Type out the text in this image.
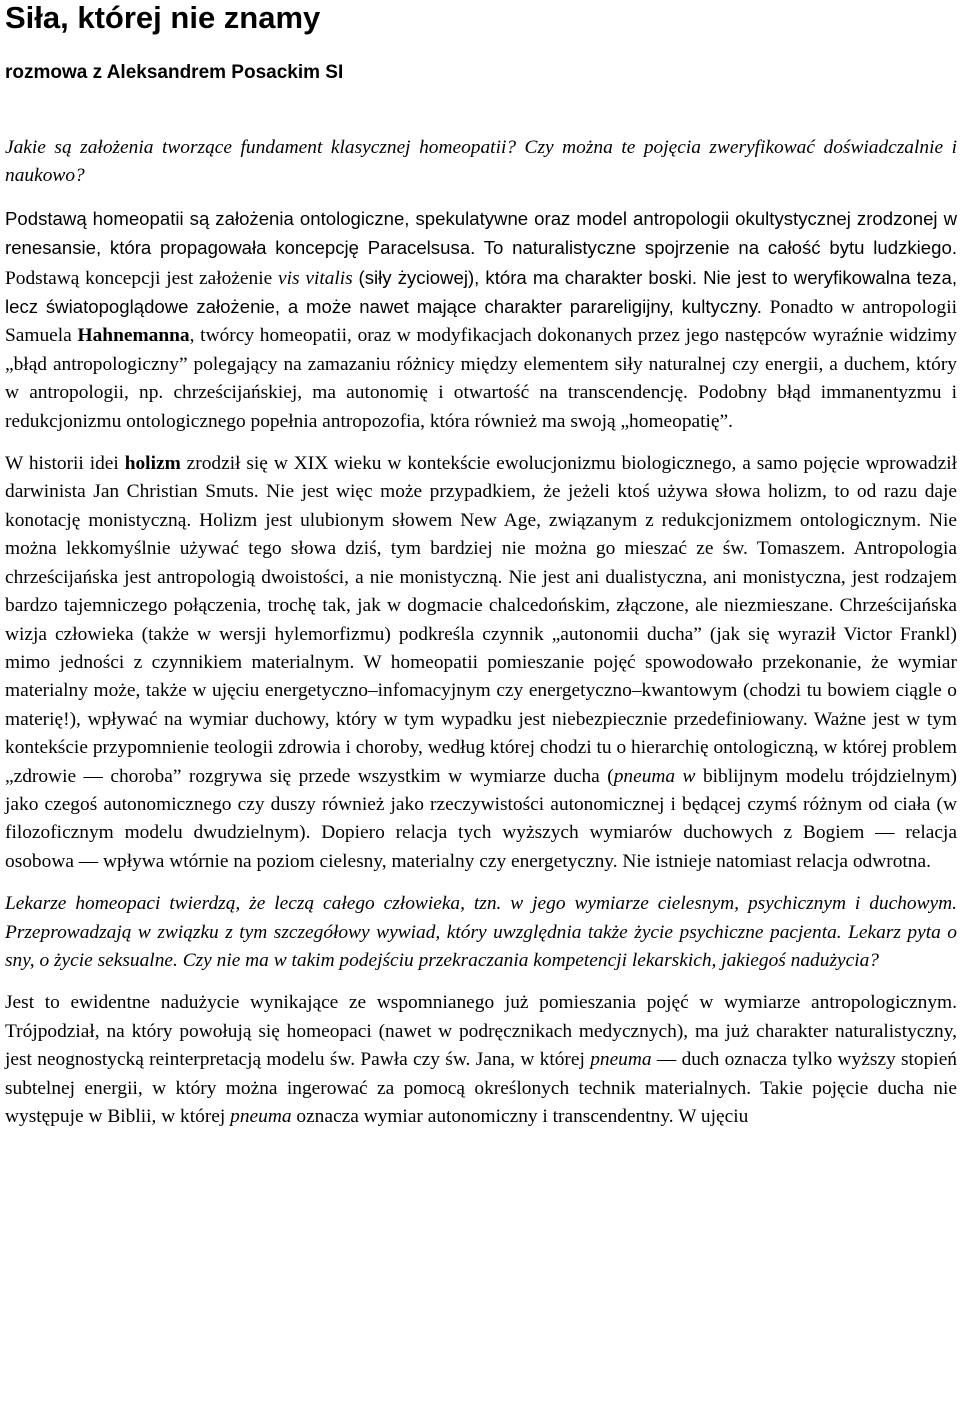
Siła, której nie znamy
rozmowa z Aleksandrem Posackim SI

Jakie są założenia tworzące fundament klasycznej homeopatii? Czy można te pojęcia zweryfikować doświadczalnie i naukowo?

Podstawą homeopatii są założenia ontologiczne, spekulatywne oraz model antropologii okultystycznej zrodzonej w renesansie, która propagowała koncepcję Paracelsusa. To naturalistyczne spojrzenie na całość bytu ludzkiego. Podstawą koncepcji jest założenie vis vitalis (siły życiowej), która ma charakter boski. Nie jest to weryfikowalna teza, lecz światopoglądowe założenie, a może nawet mające charakter parareligijny, kultyczny. Ponadto w antropologii Samuela Hahnemanna, twórcy homeopatii, oraz w modyfikacjach dokonanych przez jego następców wyraźnie widzimy „błąd antropologiczny” polegający na zamazaniu różnicy między elementem siły naturalnej czy energii, a duchem, który w antropologii, np. chrześcijańskiej, ma autonomię i otwartość na transcendencję. Podobny błąd immanentyzmu i redukcjonizmu ontologicznego popełnia antropozofia, która również ma swoją „homeopatię”.

W historii idei holizm zrodził się w XIX wieku w kontekście ewolucjonizmu biologicznego, a samo pojęcie wprowadził darwinista Jan Christian Smuts. Nie jest więc może przypadkiem, że jeżeli ktoś używa słowa holizm, to od razu daje konotację monistyczną. Holizm jest ulubionym słowem New Age, związanym z redukcjonizmem ontologicznym. Nie można lekkomyślnie używać tego słowa dziś, tym bardziej nie można go mieszać ze św. Tomaszem. Antropologia chrześcijańska jest antropologią dwoistości, a nie monistyczną. Nie jest ani dualistyczna, ani monistyczna, jest rodzajem bardzo tajemniczego połączenia, trochę tak, jak w dogmacie chalcedońskim, złączone, ale niezmieszane. Chrześcijańska wizja człowieka (także w wersji hylemorfizmu) podkreśla czynnik „autonomii ducha” (jak się wyraził Victor Frankl) mimo jedności z czynnikiem materialnym. W homeopatii pomieszanie pojęć spowodowało przekonanie, że wymiar materialny może, także w ujęciu energetyczno–infomacyjnym czy energetyczno–kwantowym (chodzi tu bowiem ciągle o materię!), wpływać na wymiar duchowy, który w tym wypadku jest niebezpiecznie przedefiniowany. Ważne jest w tym kontekście przypomnienie teologii zdrowia i choroby, według której chodzi tu o hierarchię ontologiczną, w której problem „zdrowie — choroba” rozgrywa się przede wszystkim w wymiarze ducha (pneuma w biblijnym modelu trójdzielnym) jako czegoś autonomicznego czy duszy również jako rzeczywistości autonomicznej i będącej czymś różnym od ciała (w filozoficznym modelu dwudzielnym). Dopiero relacja tych wyższych wymiarów duchowych z Bogiem — relacja osobowa — wpływa wtórnie na poziom cielesny, materialny czy energetyczny. Nie istnieje natomiast relacja odwrotna.

Lekarze homeopaci twierdzą, że leczą całego człowieka, tzn. w jego wymiarze cielesnym, psychicznym i duchowym. Przeprowadzają w związku z tym szczegółowy wywiad, który uwzględnia także życie psychiczne pacjenta. Lekarz pyta o sny, o życie seksualne. Czy nie ma w takim podejściu przekraczania kompetencji lekarskich, jakiegoś nadużycia?

Jest to ewidentne nadużycie wynikające ze wspomnianego już pomieszania pojęć w wymiarze antropologicznym. Trójpodział, na który powołują się homeopaci (nawet w podręcznikach medycznych), ma już charakter naturalistyczny, jest neognostycką reinterpretacją modelu św. Pawła czy św. Jana, w której pneuma — duch oznacza tylko wyższy stopień subtelnej energii, w który można ingerować za pomocą określonych technik materialnych. Takie pojęcie ducha nie występuje w Biblii, w której pneuma oznacza wymiar autonomiczny i transcendentny. W ujęciu
